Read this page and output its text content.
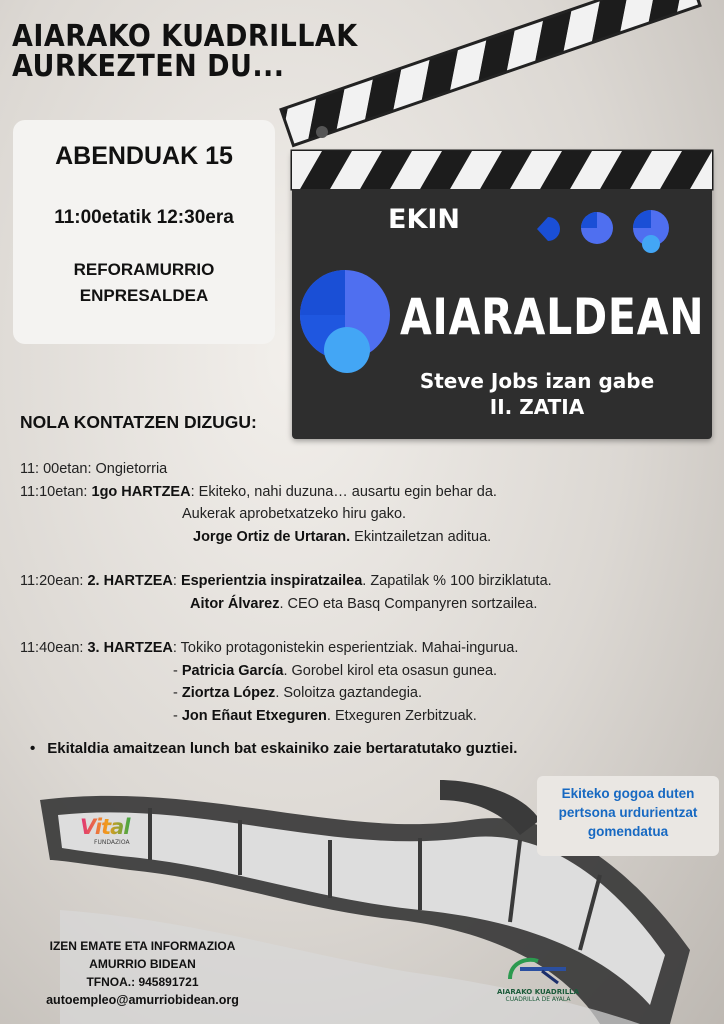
AIARAKO KUADRILLAK
AURKEZTEN DU...
ABENDUAK 15
11:00etatik 12:30era
REFORAMURRIO
ENPRESALDEA
EKIN
AIARALDEAN
Steve Jobs izan gabe
II. ZATIA
NOLA KONTATZEN DIZUGU:
11: 00etan: Ongietorria
11:10etan: 1go HARTZEA: Ekiteko, nahi duzuna… ausartu egin behar da.
Aukerak aprobetxatzeko hiru gako.
Jorge Ortiz de Urtaran. Ekintzailetzan aditua.
11:20ean: 2. HARTZEA: Esperientzia inspiratzailea. Zapatilak % 100 birziklatuta.
Aitor Álvarez. CEO eta Basq Companyren sortzailea.
11:40ean: 3. HARTZEA: Tokiko protagonistekin esperientziak. Mahai-ingurua.
- Patricia García. Gorobel kirol eta osasun gunea.
- Ziortza López. Soloitza gaztandegia.
- Jon Eñaut Etxeguren. Etxeguren Zerbitzuak.
• Ekitaldia amaitzean lunch bat eskainiko zaie bertaratutako guztiei.
Vital
FUNDAZIOA
Ekiteko gogoa duten
pertsona urdurientzat
gomendatua
IZEN EMATE ETA INFORMAZIOA
AMURRIO BIDEAN
TFNOA.: 945891721
autoempleo@amurriobidean.org
AIARAKO KUADRILLA
CUADRILLA DE AYALA
